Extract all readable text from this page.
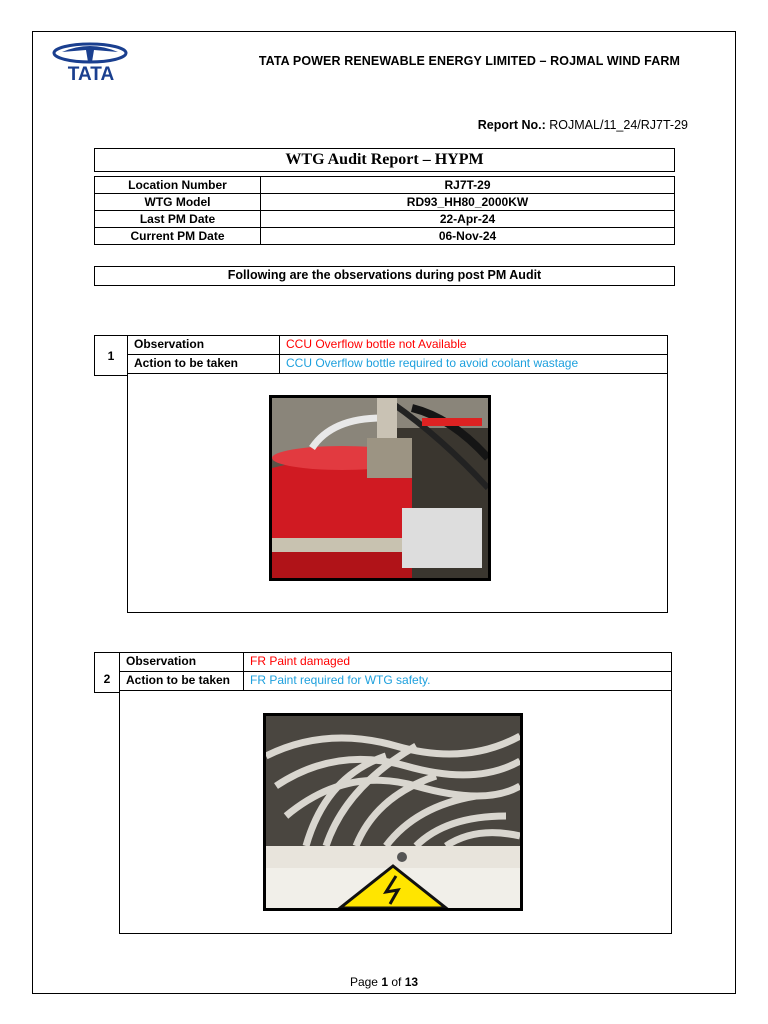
TATA
TATA POWER RENEWABLE ENERGY LIMITED – ROJMAL WIND FARM
Report No.: ROJMAL/11_24/RJ7T-29
WTG Audit Report – HYPM
Location Number	RJ7T-29
WTG Model	RD93_HH80_2000KW
Last PM Date	22-Apr-24
Current PM Date	06-Nov-24
Following are the observations during post PM Audit
1
Observation	CCU Overflow bottle not Available
Action to be taken	CCU Overflow bottle required to avoid coolant wastage
2
Observation	FR Paint damaged
Action to be taken	FR Paint required for WTG safety.
Page 1 of 13
